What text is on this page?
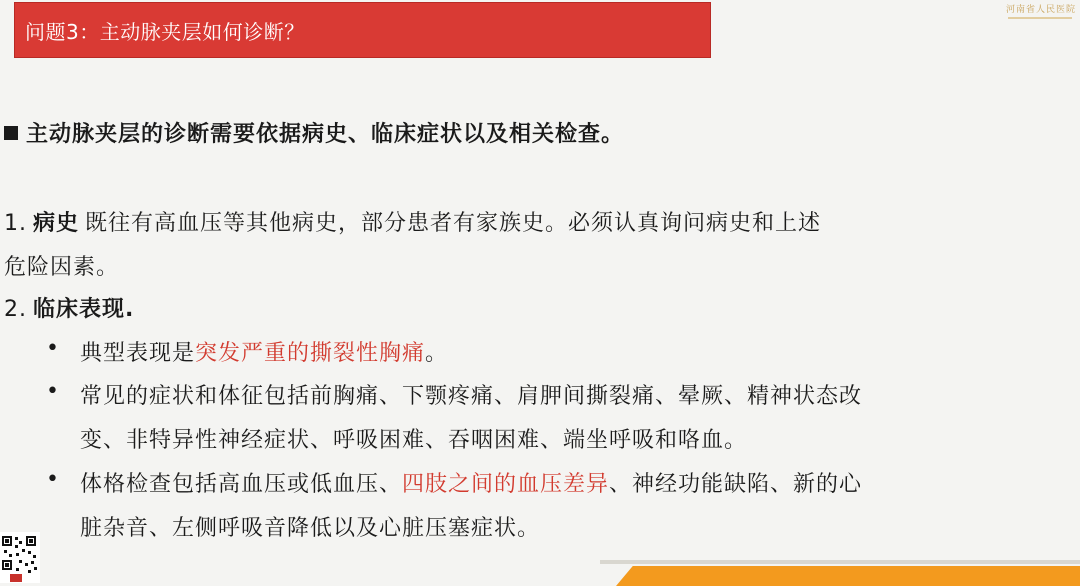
问题3：主动脉夹层如何诊断？
河南省人民医院
主动脉夹层的诊断需要依据病史、临床症状以及相关检查。
1. 病史 既往有高血压等其他病史，部分患者有家族史。必须认真询问病史和上述
危险因素。
2. 临床表现.
• 典型表现是突发严重的撕裂性胸痛。
• 常见的症状和体征包括前胸痛、下颚疼痛、肩胛间撕裂痛、晕厥、精神状态改
变、非特异性神经症状、呼吸困难、吞咽困难、端坐呼吸和咯血。
• 体格检查包括高血压或低血压、四肢之间的血压差异、神经功能缺陷、新的心
脏杂音、左侧呼吸音降低以及心脏压塞症状。
